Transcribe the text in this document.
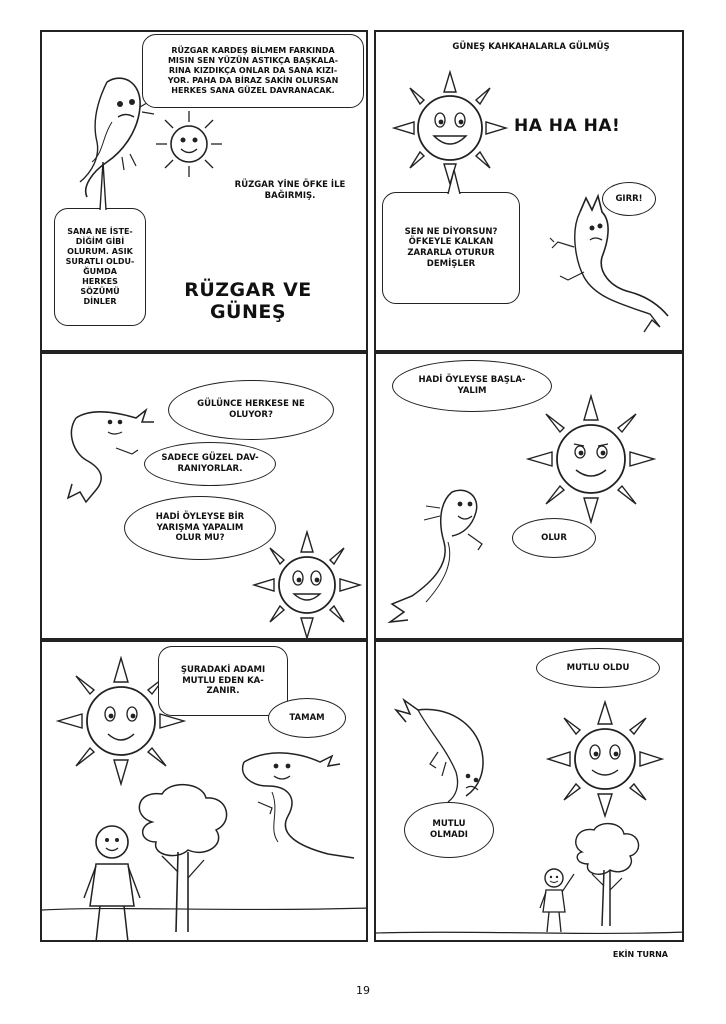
RÜZGAR KARDEŞ BİLMEM FARKINDA
MISIN SEN YÜZÜN ASTIKÇA BAŞKALA-
RINA KIZDIKÇA ONLAR DA SANA KIZI-
YOR. PAHA DA BİRAZ SAKİN OLURSAN
HERKES SANA GÜZEL DAVRANACAK.
RÜZGAR YİNE ÖFKE İLE
BAĞIRMIŞ.
SANA NE İSTE-
DİĞİM GİBİ
OLURUM. ASIK
SURATLI OLDU-
ĞUMDA
HERKES
SÖZÜMÜ
DİNLER
RÜZGAR VE
GÜNEŞ
GÜNEŞ KAHKAHALARLA GÜLMÜŞ
HA HA HA!
SEN NE DİYORSUN?
ÖFKEYLE KALKAN
ZARARLA OTURUR
DEMİŞLER
GIRR!
GÜLÜNCE HERKESE NE
OLUYOR?
SADECE GÜZEL DAV-
RANIYORLAR.
HADİ ÖYLEYSE BİR
YARIŞMA YAPALIM
OLUR MU?
HADİ ÖYLEYSE BAŞLA-
YALIM
OLUR
ŞURADAKİ ADAMI
MUTLU EDEN KA-
ZANIR.
TAMAM
MUTLU OLDU
MUTLU
OLMADI
EKİN TURNA
19
